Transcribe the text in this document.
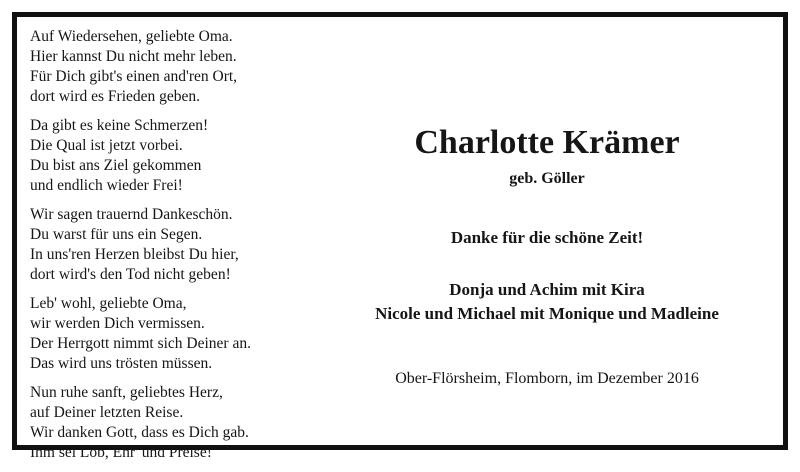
Auf Wiedersehen, geliebte Oma.
Hier kannst Du nicht mehr leben.
Für Dich gibt's einen and'ren Ort,
dort wird es Frieden geben.

Da gibt es keine Schmerzen!
Die Qual ist jetzt vorbei.
Du bist ans Ziel gekommen
und endlich wieder Frei!

Wir sagen trauernd Dankeschön.
Du warst für uns ein Segen.
In uns'ren Herzen bleibst Du hier,
dort wird's den Tod nicht geben!

Leb' wohl, geliebte Oma,
wir werden Dich vermissen.
Der Herrgott nimmt sich Deiner an.
Das wird uns trösten müssen.

Nun ruhe sanft, geliebtes Herz,
auf Deiner letzten Reise.
Wir danken Gott, dass es Dich gab.
Ihm sei Lob, Ehr' und Preise!

Charlotte Krämer
geb. Göller
Danke für die schöne Zeit!
Donja und Achim mit Kira
Nicole und Michael mit Monique und Madleine
Ober-Flörsheim, Flomborn, im Dezember 2016
